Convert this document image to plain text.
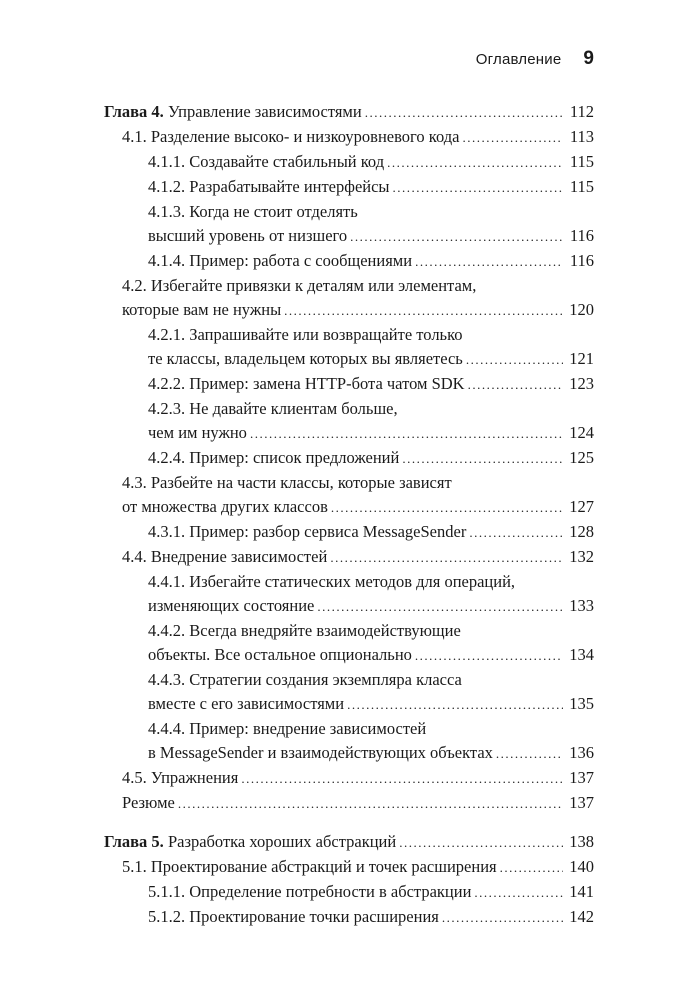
Оглавление 9
Глава 4. Управление зависимостями .....	112
4.1. Разделение высоко- и низкоуровневого кода .....	113
4.1.1. Создавайте стабильный код .....	115
4.1.2. Разрабатывайте интерфейсы .....	115
4.1.3. Когда не стоит отделять
высший уровень от низшего .....	116
4.1.4. Пример: работа с сообщениями .....	116
4.2. Избегайте привязки к деталям или элементам,
которые вам не нужны .....	120
4.2.1. Запрашивайте или возвращайте только
те классы, владельцем которых вы являетесь .....	121
4.2.2. Пример: замена HTTP-бота чатом SDK .....	123
4.2.3. Не давайте клиентам больше,
чем им нужно .....	124
4.2.4. Пример: список предложений .....	125
4.3. Разбейте на части классы, которые зависят
от множества других классов .....	127
4.3.1. Пример: разбор сервиса MessageSender .....	128
4.4. Внедрение зависимостей .....	132
4.4.1. Избегайте статических методов для операций,
изменяющих состояние .....	133
4.4.2. Всегда внедряйте взаимодействующие
объекты. Все остальное опционально .....	134
4.4.3. Стратегии создания экземпляра класса
вместе с его зависимостями .....	135
4.4.4. Пример: внедрение зависимостей
в MessageSender и взаимодействующих объектах .....	136
4.5. Упражнения .....	137
Резюме .....	137
Глава 5. Разработка хороших абстракций .....	138
5.1. Проектирование абстракций и точек расширения .....	140
5.1.1. Определение потребности в абстракции .....	141
5.1.2. Проектирование точки расширения .....	142
